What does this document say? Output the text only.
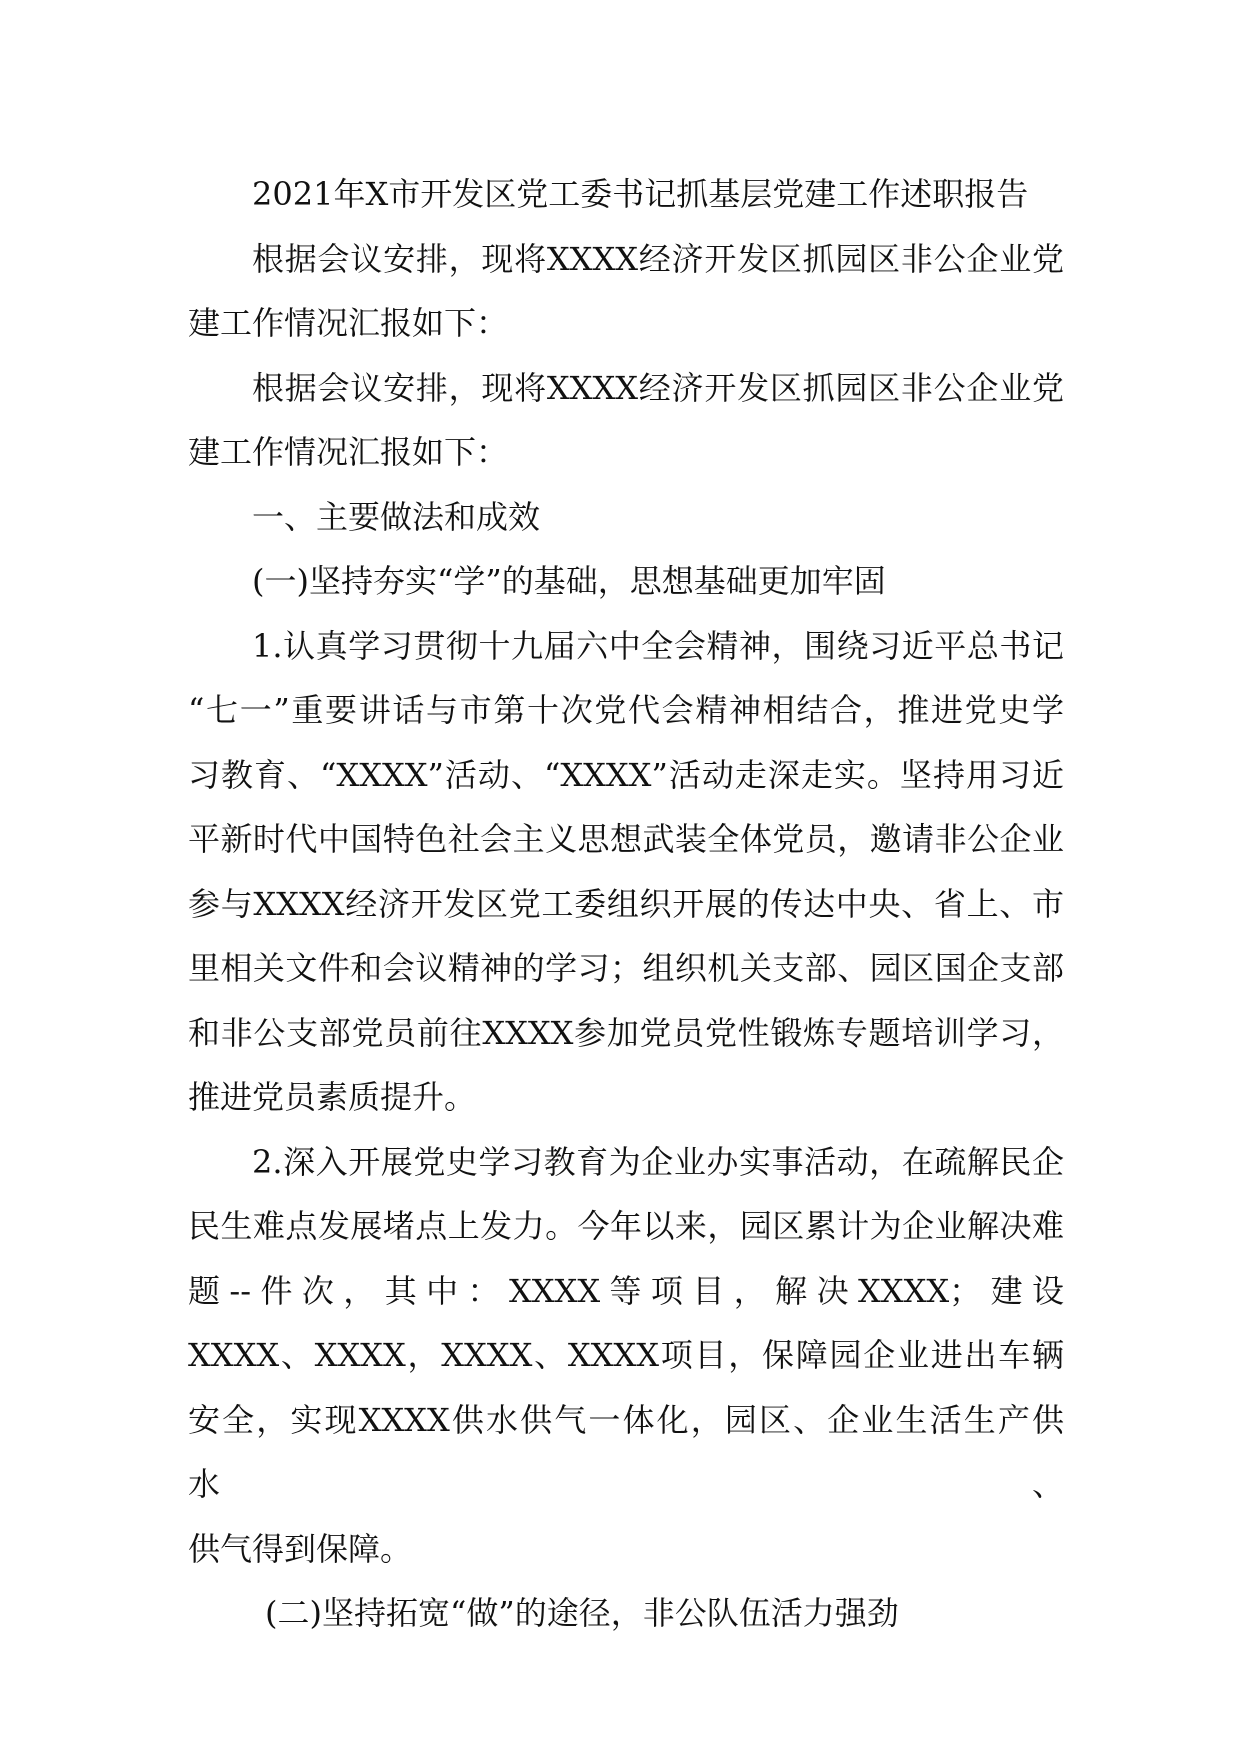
2021年X市开发区党工委书记抓基层党建工作述职报告

根据会议安排，现将XXXX经济开发区抓园区非公企业党

建工作情况汇报如下：

根据会议安排，现将XXXX经济开发区抓园区非公企业党

建工作情况汇报如下：

一、主要做法和成效

(一)坚持夯实“学”的基础，思想基础更加牢固

1.认真学习贯彻十九届六中全会精神，围绕习近平总书记

“七一”重要讲话与市第十次党代会精神相结合，推进党史学

习教育、“XXXX”活动、“XXXX”活动走深走实。坚持用习近

平新时代中国特色社会主义思想武装全体党员，邀请非公企业

参与XXXX经济开发区党工委组织开展的传达中央、省上、市

里相关文件和会议精神的学习；组织机关支部、园区国企支部

和非公支部党员前往XXXX参加党员党性锻炼专题培训学习，

推进党员素质提升。

2.深入开展党史学习教育为企业办实事活动，在疏解民企

民生难点发展堵点上发力。今年以来，园区累计为企业解决难

题--件次，其中：XXXX等项目，解决XXXX；建设

XXXX、XXXX，XXXX、XXXX项目，保障园企业进出车辆

安全，实现XXXX供水供气一体化，园区、企业生活生产供水、

供气得到保障。

(二)坚持拓宽“做”的途径，非公队伍活力强劲
